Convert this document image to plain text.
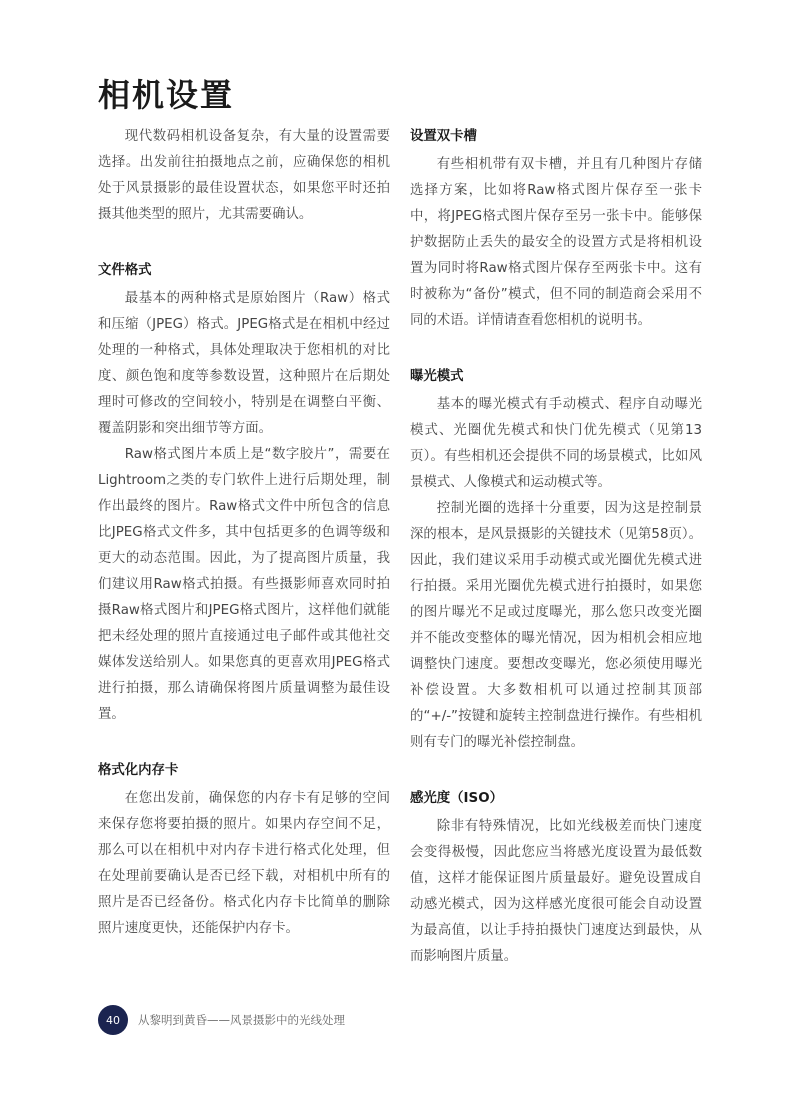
相机设置

现代数码相机设备复杂，有大量的设置需要选择。出发前往拍摄地点之前，应确保您的相机处于风景摄影的最佳设置状态，如果您平时还拍摄其他类型的照片，尤其需要确认。

文件格式

最基本的两种格式是原始图片（Raw）格式和压缩（JPEG）格式。JPEG格式是在相机中经过处理的一种格式，具体处理取决于您相机的对比度、颜色饱和度等参数设置，这种照片在后期处理时可修改的空间较小，特别是在调整白平衡、覆盖阴影和突出细节等方面。

Raw格式图片本质上是“数字胶片”，需要在Lightroom之类的专门软件上进行后期处理，制作出最终的图片。Raw格式文件中所包含的信息比JPEG格式文件多，其中包括更多的色调等级和更大的动态范围。因此，为了提高图片质量，我们建议用Raw格式拍摄。有些摄影师喜欢同时拍摄Raw格式图片和JPEG格式图片，这样他们就能把未经处理的照片直接通过电子邮件或其他社交媒体发送给别人。如果您真的更喜欢用JPEG格式进行拍摄，那么请确保将图片质量调整为最佳设置。

格式化内存卡

在您出发前，确保您的内存卡有足够的空间来保存您将要拍摄的照片。如果内存空间不足，那么可以在相机中对内存卡进行格式化处理，但在处理前要确认是否已经下载，对相机中所有的照片是否已经备份。格式化内存卡比简单的删除照片速度更快，还能保护内存卡。

设置双卡槽

有些相机带有双卡槽，并且有几种图片存储选择方案，比如将Raw格式图片保存至一张卡中，将JPEG格式图片保存至另一张卡中。能够保护数据防止丢失的最安全的设置方式是将相机设置为同时将Raw格式图片保存至两张卡中。这有时被称为“备份”模式，但不同的制造商会采用不同的术语。详情请查看您相机的说明书。

曝光模式

基本的曝光模式有手动模式、程序自动曝光模式、光圈优先模式和快门优先模式（见第13页）。有些相机还会提供不同的场景模式，比如风景模式、人像模式和运动模式等。

控制光圈的选择十分重要，因为这是控制景深的根本，是风景摄影的关键技术（见第58页）。因此，我们建议采用手动模式或光圈优先模式进行拍摄。采用光圈优先模式进行拍摄时，如果您的图片曝光不足或过度曝光，那么您只改变光圈并不能改变整体的曝光情况，因为相机会相应地调整快门速度。要想改变曝光，您必须使用曝光补偿设置。大多数相机可以通过控制其顶部的“+/-”按键和旋转主控制盘进行操作。有些相机则有专门的曝光补偿控制盘。

感光度（ISO）

除非有特殊情况，比如光线极差而快门速度会变得极慢，因此您应当将感光度设置为最低数值，这样才能保证图片质量最好。避免设置成自动感光模式，因为这样感光度很可能会自动设置为最高值，以让手持拍摄快门速度达到最快，从而影响图片质量。

40	从黎明到黄昏——风景摄影中的光线处理
